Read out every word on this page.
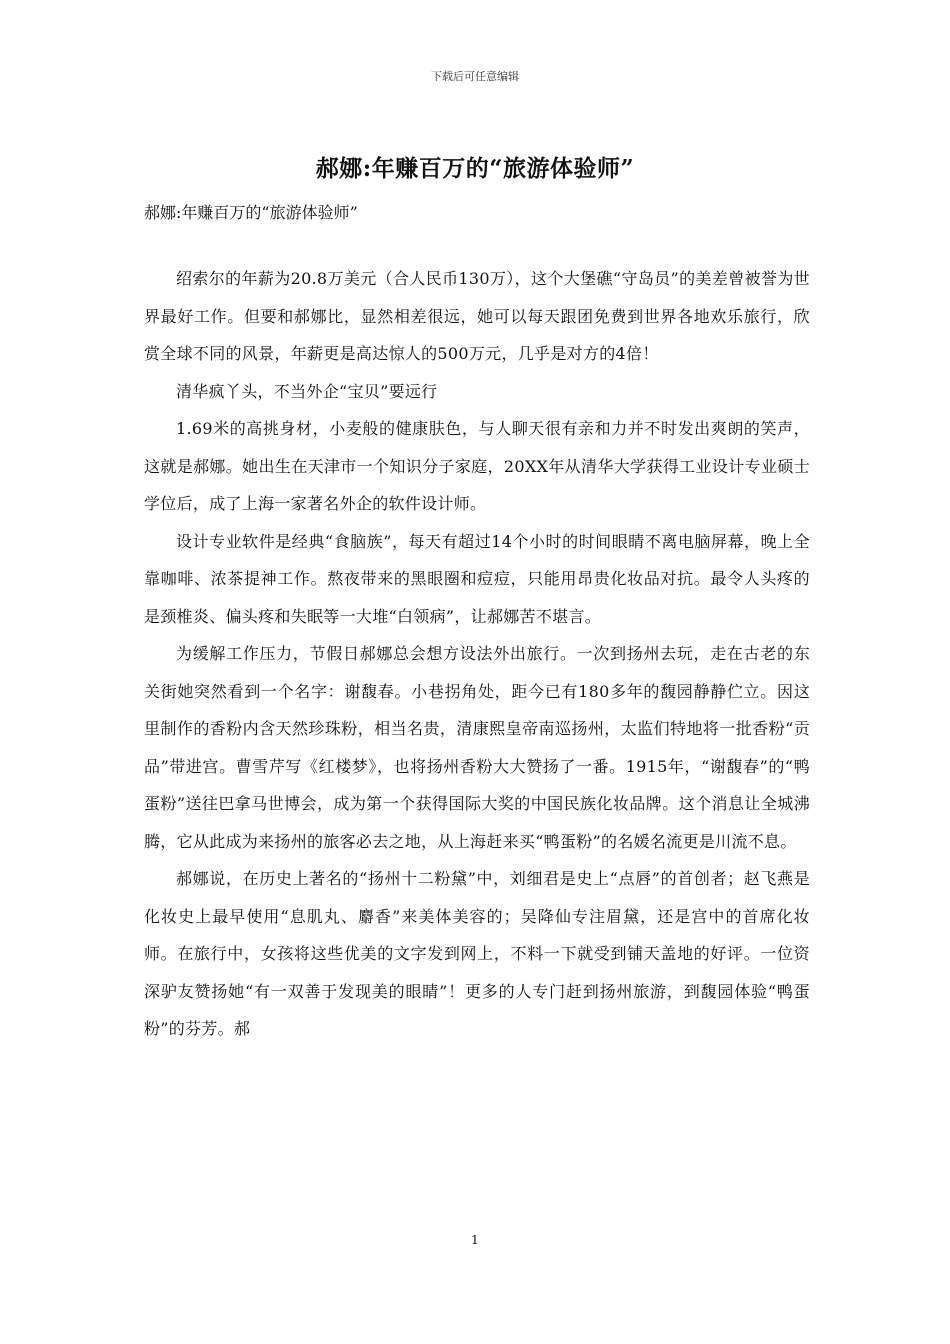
下载后可任意编辑
郝娜:年赚百万的“旅游体验师”
郝娜:年赚百万的“旅游体验师”

绍索尔的年薪为20.8万美元（合人民币130万），这个大堡礁“守岛员”的美差曾被誉为世界最好工作。但要和郝娜比，显然相差很远，她可以每天跟团免费到世界各地欢乐旅行，欣赏全球不同的风景，年薪更是高达惊人的500万元，几乎是对方的4倍！

清华疯丫头，不当外企“宝贝”要远行

1.69米的高挑身材，小麦般的健康肤色，与人聊天很有亲和力并不时发出爽朗的笑声，这就是郝娜。她出生在天津市一个知识分子家庭，20XX年从清华大学获得工业设计专业硕士学位后，成了上海一家著名外企的软件设计师。

设计专业软件是经典“食脑族”，每天有超过14个小时的时间眼睛不离电脑屏幕，晚上全靠咖啡、浓茶提神工作。熬夜带来的黑眼圈和痘痘，只能用昂贵化妆品对抗。最令人头疼的是颈椎炎、偏头疼和失眠等一大堆“白领病”，让郝娜苦不堪言。

为缓解工作压力，节假日郝娜总会想方设法外出旅行。一次到扬州去玩，走在古老的东关街她突然看到一个名字：谢馥春。小巷拐角处，距今已有180多年的馥园静静伫立。因这里制作的香粉内含天然珍珠粉，相当名贵，清康熙皇帝南巡扬州，太监们特地将一批香粉“贡品”带进宫。曹雪芹写《红楼梦》，也将扬州香粉大大赞扬了一番。1915年，“谢馥春”的“鸭蛋粉”送往巴拿马世博会，成为第一个获得国际大奖的中国民族化妆品牌。这个消息让全城沸腾，它从此成为来扬州的旅客必去之地，从上海赶来买“鸭蛋粉”的名媛名流更是川流不息。

郝娜说，在历史上著名的“扬州十二粉黛”中，刘细君是史上“点唇”的首创者；赵飞燕是化妆史上最早使用“息肌丸、麝香”来美体美容的；吴降仙专注眉黛，还是宫中的首席化妆师。在旅行中，女孩将这些优美的文字发到网上，不料一下就受到铺天盖地的好评。一位资深驴友赞扬她“有一双善于发现美的眼睛”！更多的人专门赶到扬州旅游，到馥园体验“鸭蛋粉”的芬芳。郝

1
